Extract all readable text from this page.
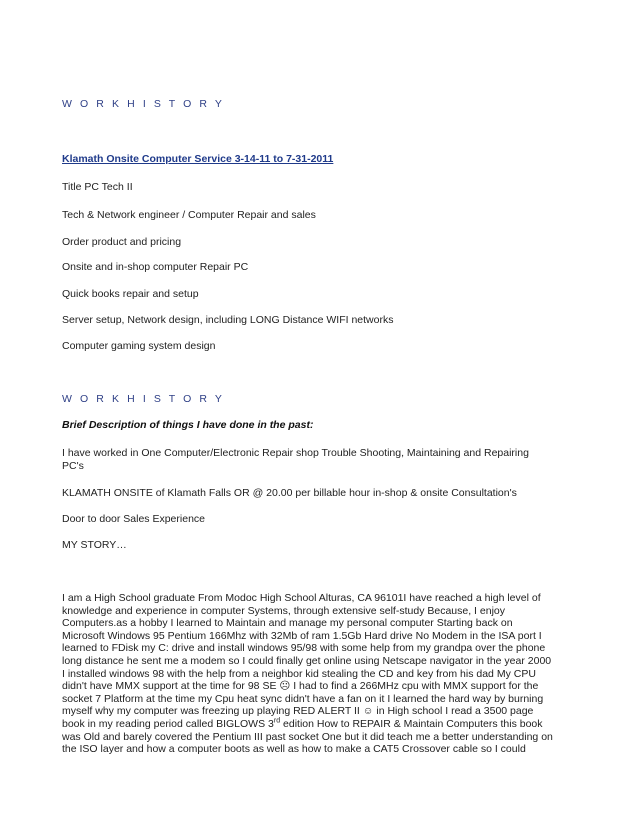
W O R K H I S T O R Y
Klamath Onsite Computer Service 3-14-11 to 7-31-2011
Title PC Tech II
Tech & Network engineer / Computer Repair and sales
Order product and pricing
Onsite and in-shop computer Repair PC
Quick books repair and setup
Server setup, Network design, including LONG Distance WIFI networks
Computer gaming system design
W O R K H I S T O R Y
Brief Description of things I have done in the past:
I have worked in One Computer/Electronic Repair shop Trouble Shooting, Maintaining and Repairing
PC's
KLAMATH ONSITE of Klamath Falls OR @ 20.00 per billable hour in-shop & onsite Consultation's
Door to door Sales Experience
MY STORY…
I am a High School graduate From Modoc High School Alturas, CA 96101I have reached a high level of
knowledge and experience in computer Systems, through extensive self-study Because, I enjoy
Computers.as a hobby I learned to Maintain and manage my personal computer Starting back on
Microsoft Windows 95 Pentium 166Mhz with 32Mb of ram 1.5Gb Hard drive No Modem in the ISA port I
learned to FDisk my C: drive and install windows 95/98 with some help from my grandpa over the phone
long distance he sent me a modem so I could finally get online using Netscape navigator in the year 2000
I installed windows 98 with the help from a neighbor kid stealing the CD and key from his dad My CPU
didn't have MMX support at the time for 98 SE ☹ I had to find a 266MHz cpu with MMX support for the
socket 7 Platform at the time my Cpu heat sync didn't have a fan on it I learned the hard way by burning
myself why my computer was freezing up playing RED ALERT II ☺ in High school I read a 3500 page
book in my reading period called BIGLOWS 3rd edition How to REPAIR & Maintain Computers this book
was Old and barely covered the Pentium III past socket One but it did teach me a better understanding on
the ISO layer and how a computer boots as well as how to make a CAT5 Crossover cable so I could
